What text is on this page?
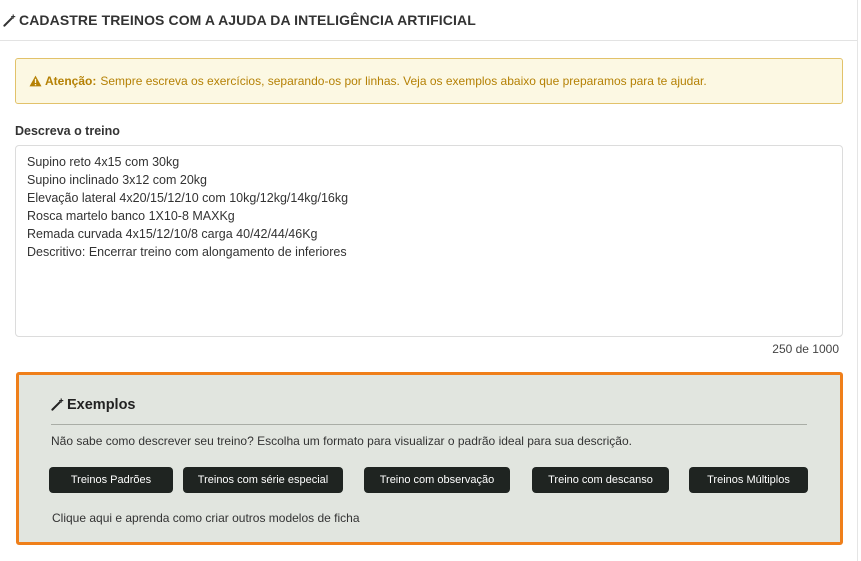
CADASTRE TREINOS COM A AJUDA DA INTELIGÊNCIA ARTIFICIAL
Atenção: Sempre escreva os exercícios, separando-os por linhas. Veja os exemplos abaixo que preparamos para te ajudar.
Descreva o treino
Supino reto 4x15 com 30kg
Supino inclinado 3x12 com 20kg
Elevação lateral 4x20/15/12/10 com 10kg/12kg/14kg/16kg
Rosca martelo banco 1X10-8 MAXKg
Remada curvada 4x15/12/10/8 carga 40/42/44/46Kg
Descritivo: Encerrar treino com alongamento de inferiores
250 de 1000
Exemplos
Não sabe como descrever seu treino? Escolha um formato para visualizar o padrão ideal para sua descrição.
Treinos Padrões	Treinos com série especial	Treino com observação	Treino com descanso	Treinos Múltiplos
Clique aqui e aprenda como criar outros modelos de ficha
